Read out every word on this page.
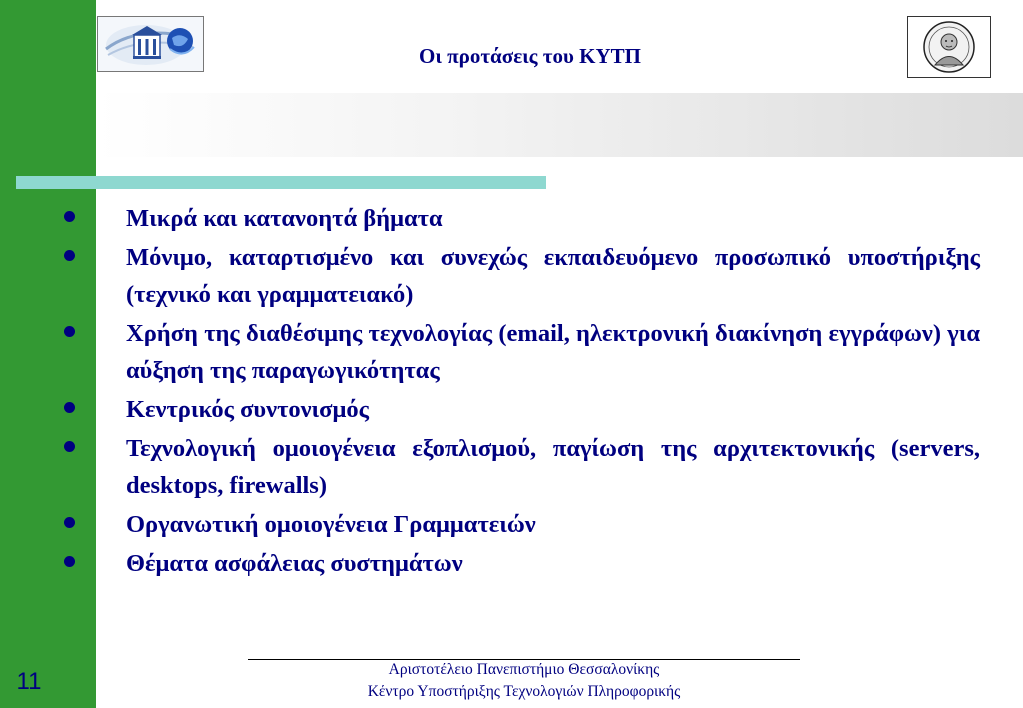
Οι προτάσεις του ΚΥΤΠ
Μικρά και κατανοητά βήματα
Μόνιμο, καταρτισμένο και συνεχώς εκπαιδευόμενο προσωπικό υποστήριξης (τεχνικό και γραμματειακό)
Χρήση της διαθέσιμης τεχνολογίας (email, ηλεκτρονική διακίνηση εγγράφων) για αύξηση της παραγωγικότητας
Κεντρικός συντονισμός
Τεχνολογική ομοιογένεια εξοπλισμού, παγίωση της αρχιτεκτονικής (servers, desktops, firewalls)
Οργανωτική ομοιογένεια Γραμματειών
Θέματα ασφάλειας συστημάτων
Αριστοτέλειο Πανεπιστήμιο Θεσσαλονίκης
Κέντρο Υποστήριξης Τεχνολογιών Πληροφορικής
11
